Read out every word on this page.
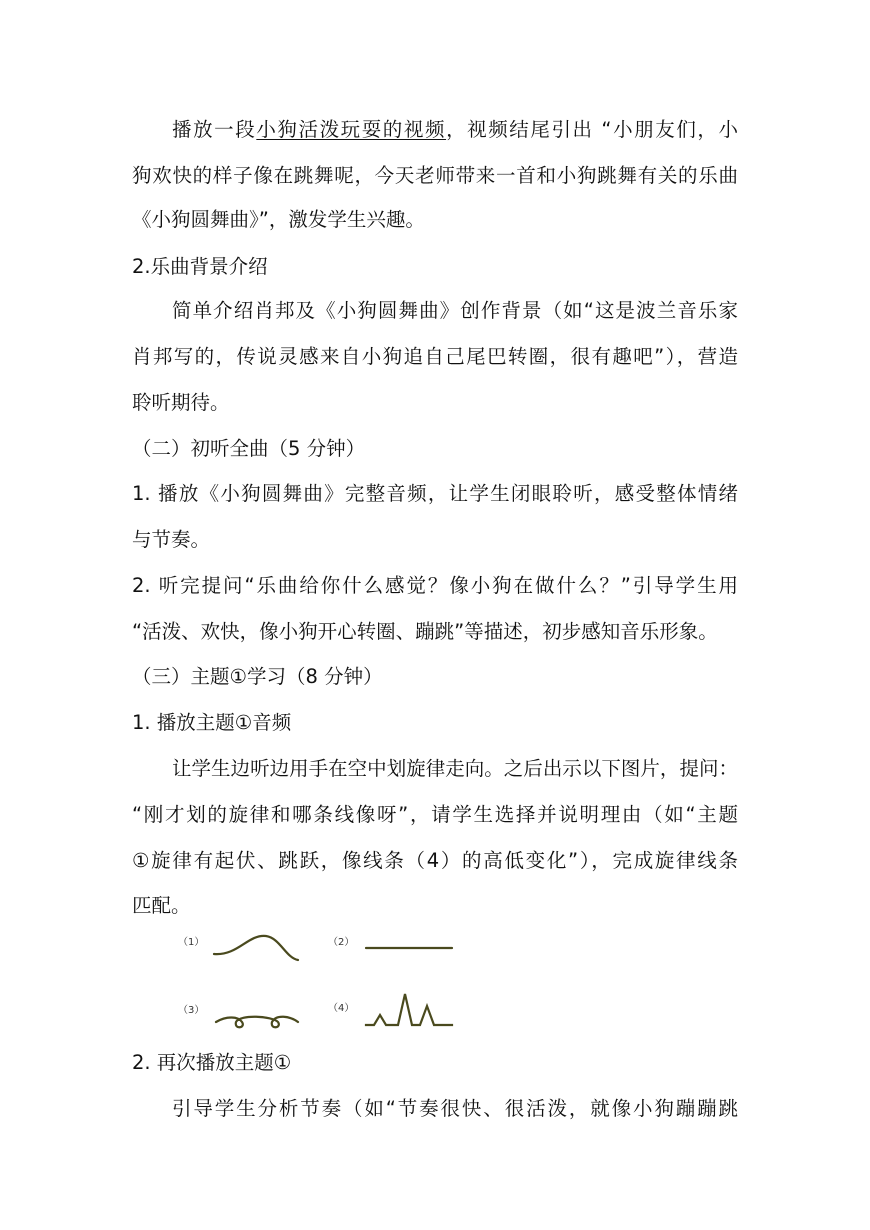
播放一段小狗活泼玩耍的视频，视频结尾引出 “小朋友们，小
狗欢快的样子像在跳舞呢，今天老师带来一首和小狗跳舞有关的乐曲
《小狗圆舞曲》”，激发学生兴趣。
2.乐曲背景介绍
简单介绍肖邦及《小狗圆舞曲》创作背景（如“这是波兰音乐家
肖邦写的，传说灵感来自小狗追自己尾巴转圈，很有趣吧”），营造
聆听期待。
（二）初听全曲（5 分钟）
1. 播放《小狗圆舞曲》完整音频，让学生闭眼聆听，感受整体情绪
与节奏。
2. 听完提问“乐曲给你什么感觉？像小狗在做什么？”引导学生用
“活泼、欢快，像小狗开心转圈、蹦跳”等描述，初步感知音乐形象。
（三）主题①学习（8 分钟）
1. 播放主题①音频
让学生边听边用手在空中划旋律走向。之后出示以下图片，提问：
“刚才划的旋律和哪条线像呀”，请学生选择并说明理由（如“主题
①旋律有起伏、跳跃，像线条（4）的高低变化”），完成旋律线条
匹配。
（1）	（2）
（3）	（4）
2. 再次播放主题①
引导学生分析节奏（如“节奏很快、很活泼，就像小狗蹦蹦跳
